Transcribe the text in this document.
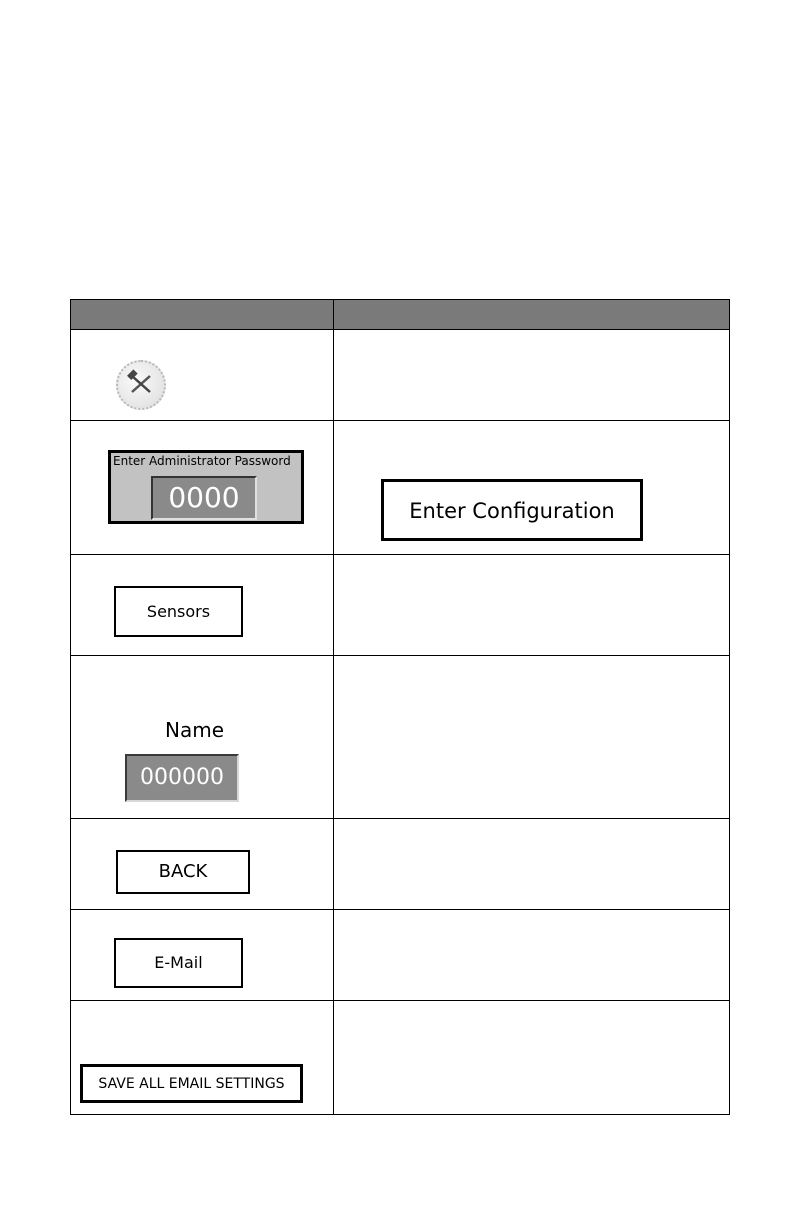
Enter Administrator Password
0000	Enter Configuration
Sensors
Name
000000
BACK
E-Mail
SAVE ALL EMAIL SETTINGS
